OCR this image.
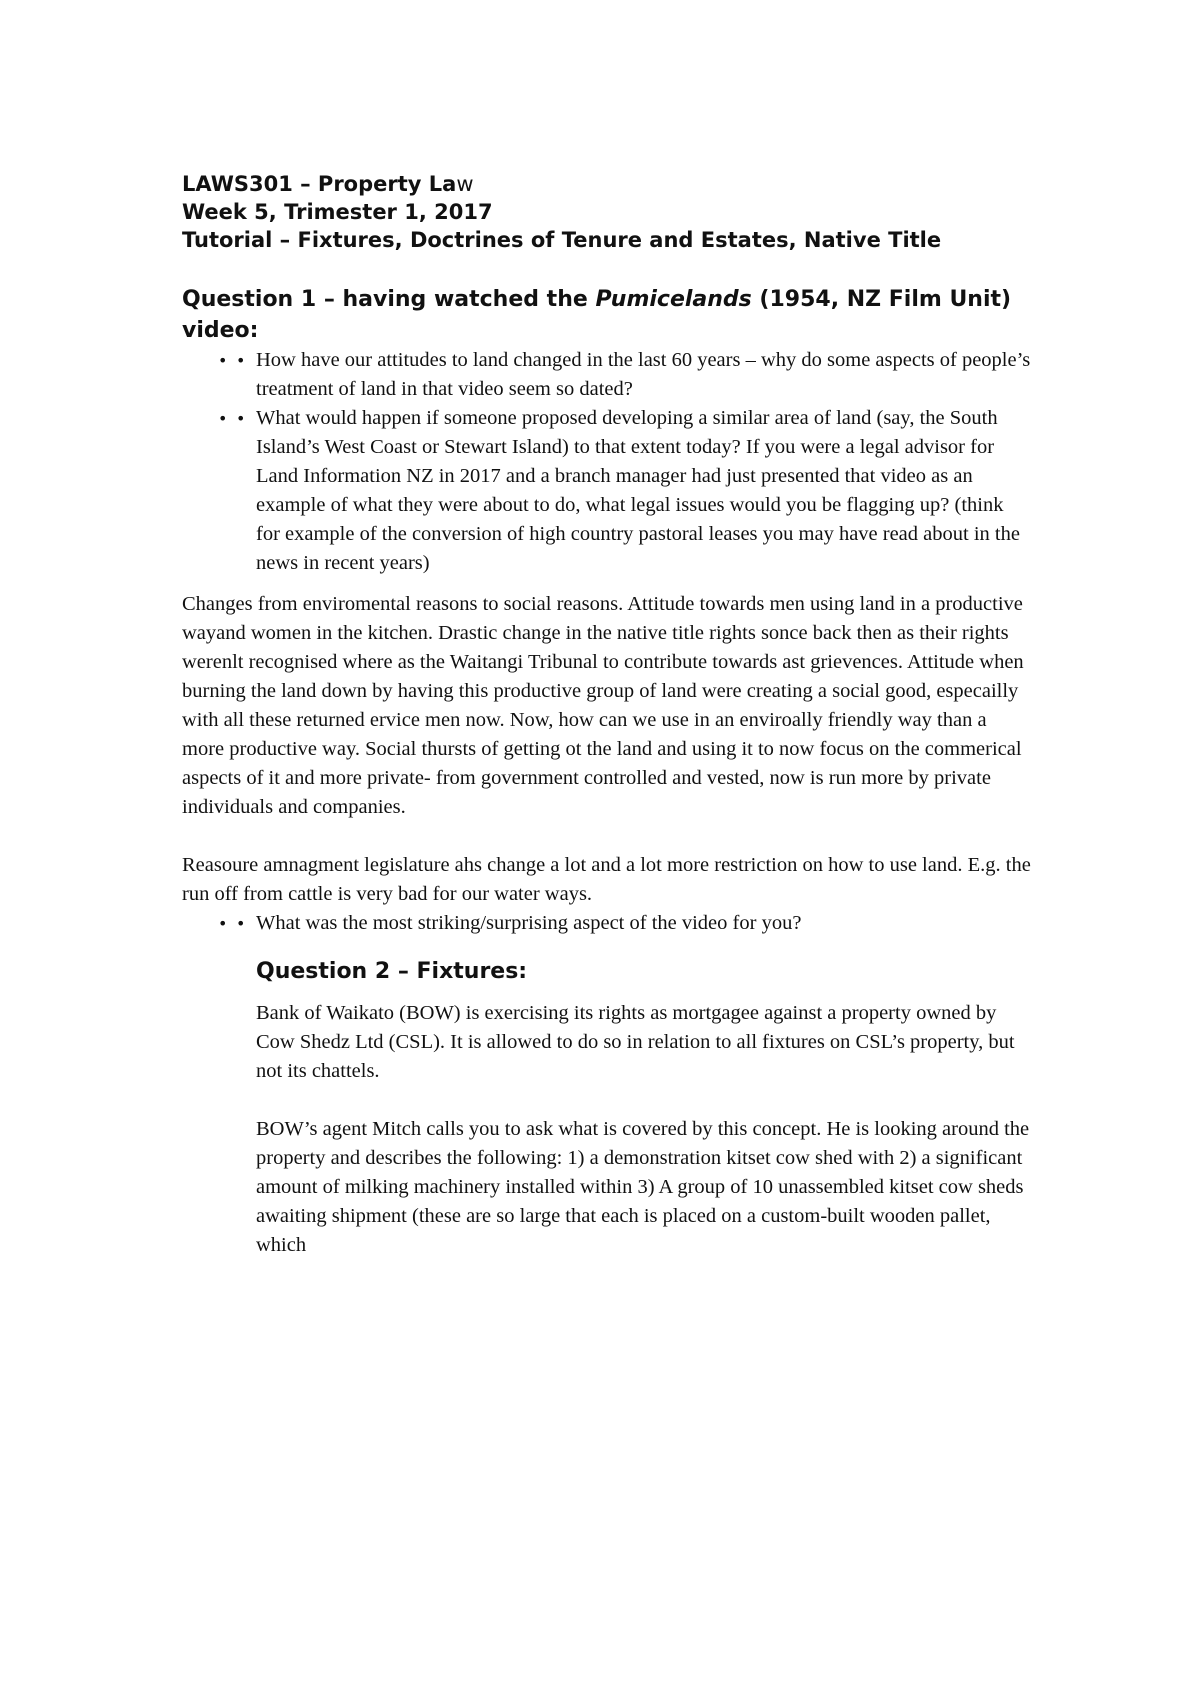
LAWS301 – Property Law

Week 5, Trimester 1, 2017

Tutorial – Fixtures, Doctrines of Tenure and Estates, Native Title

Question 1 – having watched the Pumicelands (1954, NZ Film Unit) video:
• • How have our attitudes to land changed in the last 60 years – why do some aspects of people’s treatment of land in that video seem so dated?
• • What would happen if someone proposed developing a similar area of land (say, the South Island’s West Coast or Stewart Island) to that extent today? If you were a legal advisor for Land Information NZ in 2017 and a branch manager had just presented that video as an example of what they were about to do, what legal issues would you be flagging up? (think for example of the conversion of high country pastoral leases you may have read about in the news in recent years)

Changes from enviromental reasons to social reasons. Attitude towards men using land in a productive wayand women in the kitchen. Drastic change in the native title rights sonce back then as their rights werenlt recognised where as the Waitangi Tribunal to contribute towards ast grievences. Attitude when burning the land down by having this productive group of land were creating a social good, especailly with all these returned ervice men now. Now, how can we use in an enviroally friendly way than a more productive way. Social thursts of getting ot the land and using it to now focus on the commerical aspects of it and more private- from government controlled and vested, now is run more by private individuals and companies.

Reasoure amnagment legislature ahs change a lot and a lot more restriction on how to use land. E.g. the run off from cattle is very bad for our water ways.

• • What was the most striking/surprising aspect of the video for you?
Question 2 – Fixtures:

Bank of Waikato (BOW) is exercising its rights as mortgagee against a property owned by Cow Shedz Ltd (CSL). It is allowed to do so in relation to all fixtures on CSL’s property, but not its chattels.

BOW’s agent Mitch calls you to ask what is covered by this concept. He is looking around the property and describes the following: 1) a demonstration kitset cow shed with 2) a significant amount of milking machinery installed within 3) A group of 10 unassembled kitset cow sheds awaiting shipment (these are so large that each is placed on a custom-built wooden pallet, which
